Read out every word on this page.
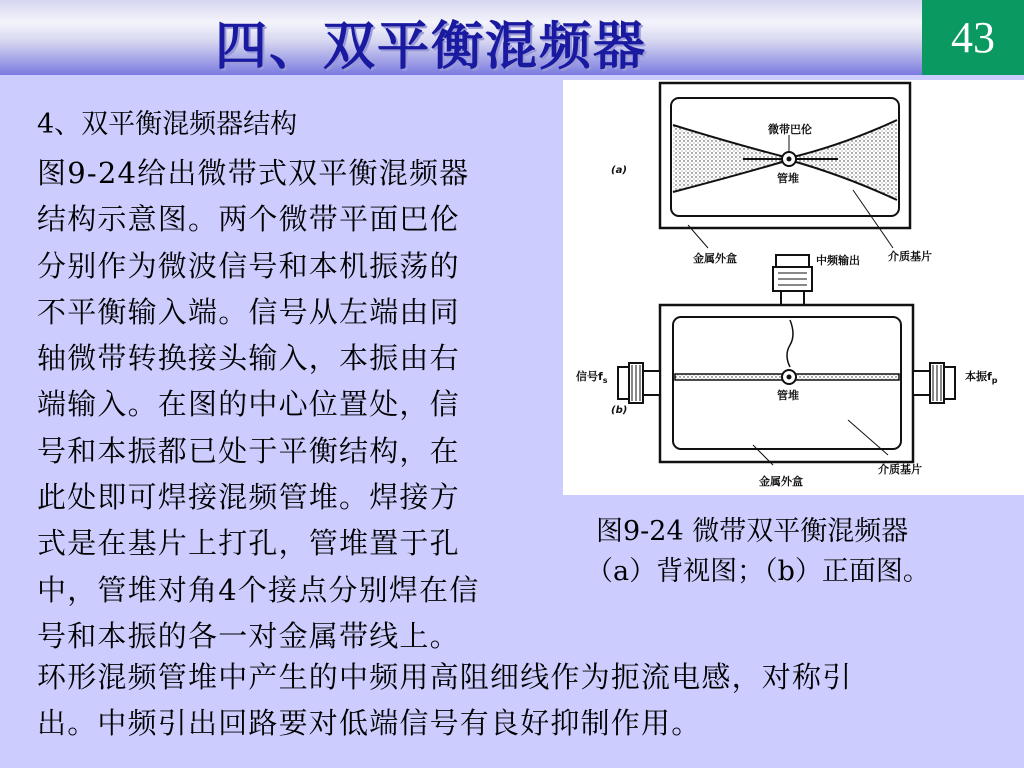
四、双平衡混频器	43
4、双平衡混频器结构
图9-24给出微带式双平衡混频器
结构示意图。两个微带平面巴伦
分别作为微波信号和本机振荡的
不平衡输入端。信号从左端由同
轴微带转换接头输入，本振由右
端输入。在图的中心位置处，信
号和本振都已处于平衡结构，在
此处即可焊接混频管堆。焊接方
式是在基片上打孔，管堆置于孔
中，管堆对角4个接点分别焊在信
号和本振的各一对金属带线上。
微带巴伦
管堆
(a)
金属外盒	介质基片
中频输出
管堆
信号$f_s$
(b)
本振$f_p$
金属外盒
介质基片
图9-24 微带双平衡混频器
（a）背视图；（b）正面图。
环形混频管堆中产生的中频用高阻细线作为扼流电感，对称引
出。中频引出回路要对低端信号有良好抑制作用。
